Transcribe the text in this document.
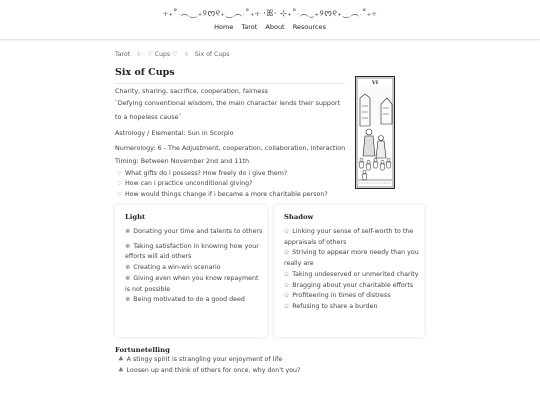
⊹₊˚‧︵‿₊୨ᰔ୧₊‿︵‧˚₊⊹ ·ꕤ· ⊹₊˚‧︵‿₊୨ᰔ୧₊‿︵‧˚₊⊹
Home Tarot About Resources
Tarot ⊹ ♡ Cups ♡ ⊹ Six of Cups
Six of Cups
Charity, sharing, sacrifice, cooperation, fairness
"Defying conventional wisdom, the main character lends their support to a hopeless cause"
Astrology / Elemental: Sun in Scorpio
Numerology: 6 - The Adjustment, cooperation, collaboration, interaction
Timing: Between November 2nd and 11th
♡ What gifts do i possess? How freely do i give them?
♡ How can i practice unconditional giving?
♡ How would things change if i became a more charitable person?
VI
Light
❀ Donating your time and talents to others
❀ Taking satisfaction in knowing how your efforts will aid others
❀ Creating a win-win scenario
❀ Giving even when you know repayment is not possible
❀ Being motivated to do a good deed
Shadow
✩ Linking your sense of self-worth to the appraisals of others
✩ Striving to appear more needy than you really are
✩ Taking undeserved or unmerited charity
✩ Bragging about your charitable efforts
✩ Profiteering in times of distress
✩ Refusing to share a burden
Fortunetelling
♣ A stingy spirit is strangling your enjoyment of life
♣ Loosen up and think of others for once, why don't you?
